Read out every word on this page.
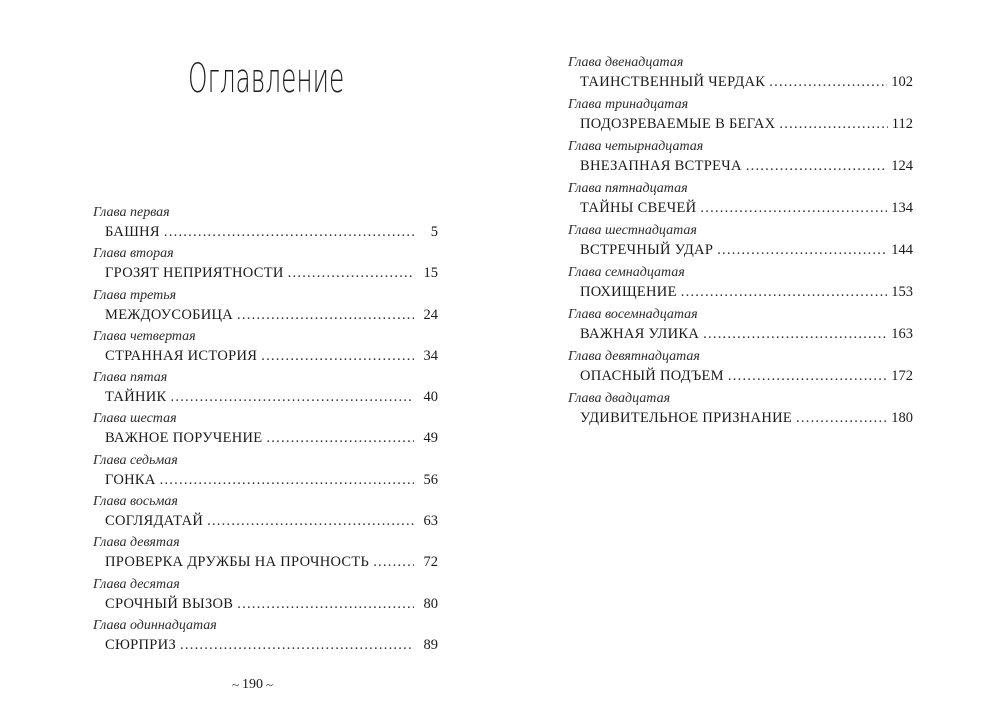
Оглавление
Глава первая
БАШНЯ . . .	5
Глава вторая
ГРОЗЯТ НЕПРИЯТНОСТИ . . .	15
Глава третья
МЕЖДОУСОБИЦА . . .	24
Глава четвертая
СТРАННАЯ ИСТОРИЯ . . .	34
Глава пятая
ТАЙНИК . . .	40
Глава шестая
ВАЖНОЕ ПОРУЧЕНИЕ . . .	49
Глава седьмая
ГОНКА . . .	56
Глава восьмая
СОГЛЯДАТАЙ . . .	63
Глава девятая
ПРОВЕРКА ДРУЖБЫ НА ПРОЧНОСТЬ . . .	72
Глава десятая
СРОЧНЫЙ ВЫЗОВ . . .	80
Глава одиннадцатая
СЮРПРИЗ . . .	89
~ 190 ~
Глава двенадцатая
ТАИНСТВЕННЫЙ ЧЕРДАК . . .	102
Глава тринадцатая
ПОДОЗРЕВАЕМЫЕ В БЕГАХ . . .	112
Глава четырнадцатая
ВНЕЗАПНАЯ ВСТРЕЧА . . .	124
Глава пятнадцатая
ТАЙНЫ СВЕЧЕЙ . . .	134
Глава шестнадцатая
ВСТРЕЧНЫЙ УДАР . . .	144
Глава семнадцатая
ПОХИЩЕНИЕ . . .	153
Глава восемнадцатая
ВАЖНАЯ УЛИКА . . .	163
Глава девятнадцатая
ОПАСНЫЙ ПОДЪЕМ . . .	172
Глава двадцатая
УДИВИТЕЛЬНОЕ ПРИЗНАНИЕ . . .	180
